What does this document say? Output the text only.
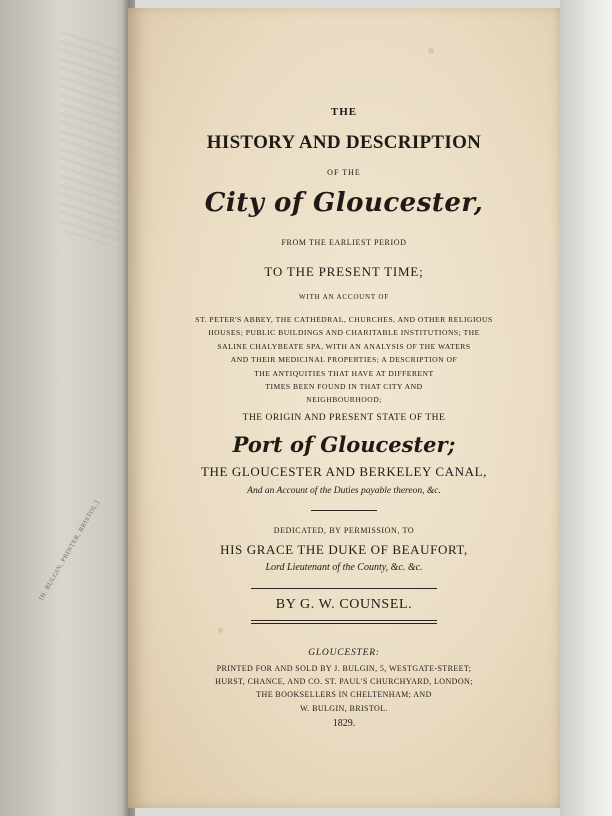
[H. BULGIN, PRINTER, BRISTOL.]
THE
HISTORY AND DESCRIPTION
OF THE
City of Gloucester,
FROM THE EARLIEST PERIOD
TO THE PRESENT TIME;
WITH AN ACCOUNT OF
ST. PETER'S ABBEY, THE CATHEDRAL, CHURCHES, AND OTHER RELIGIOUS
HOUSES; PUBLIC BUILDINGS AND CHARITABLE INSTITUTIONS; THE
SALINE CHALYBEATE SPA, WITH AN ANALYSIS OF THE WATERS
AND THEIR MEDICINAL PROPERTIES; A DESCRIPTION OF
THE ANTIQUITIES THAT HAVE AT DIFFERENT
TIMES BEEN FOUND IN THAT CITY AND
NEIGHBOURHOOD;
THE ORIGIN AND PRESENT STATE OF THE
Port of Gloucester;
THE GLOUCESTER AND BERKELEY CANAL,
And an Account of the Duties payable thereon, &c.
DEDICATED, BY PERMISSION, TO
HIS GRACE THE DUKE OF BEAUFORT,
Lord Lieutenant of the County, &c. &c.
BY G. W. COUNSEL.
GLOUCESTER:
PRINTED FOR AND SOLD BY J. BULGIN, 5, WESTGATE-STREET;
HURST, CHANCE, AND CO. ST. PAUL'S CHURCHYARD, LONDON;
THE BOOKSELLERS IN CHELTENHAM; AND
W. BULGIN, BRISTOL.
1829.
